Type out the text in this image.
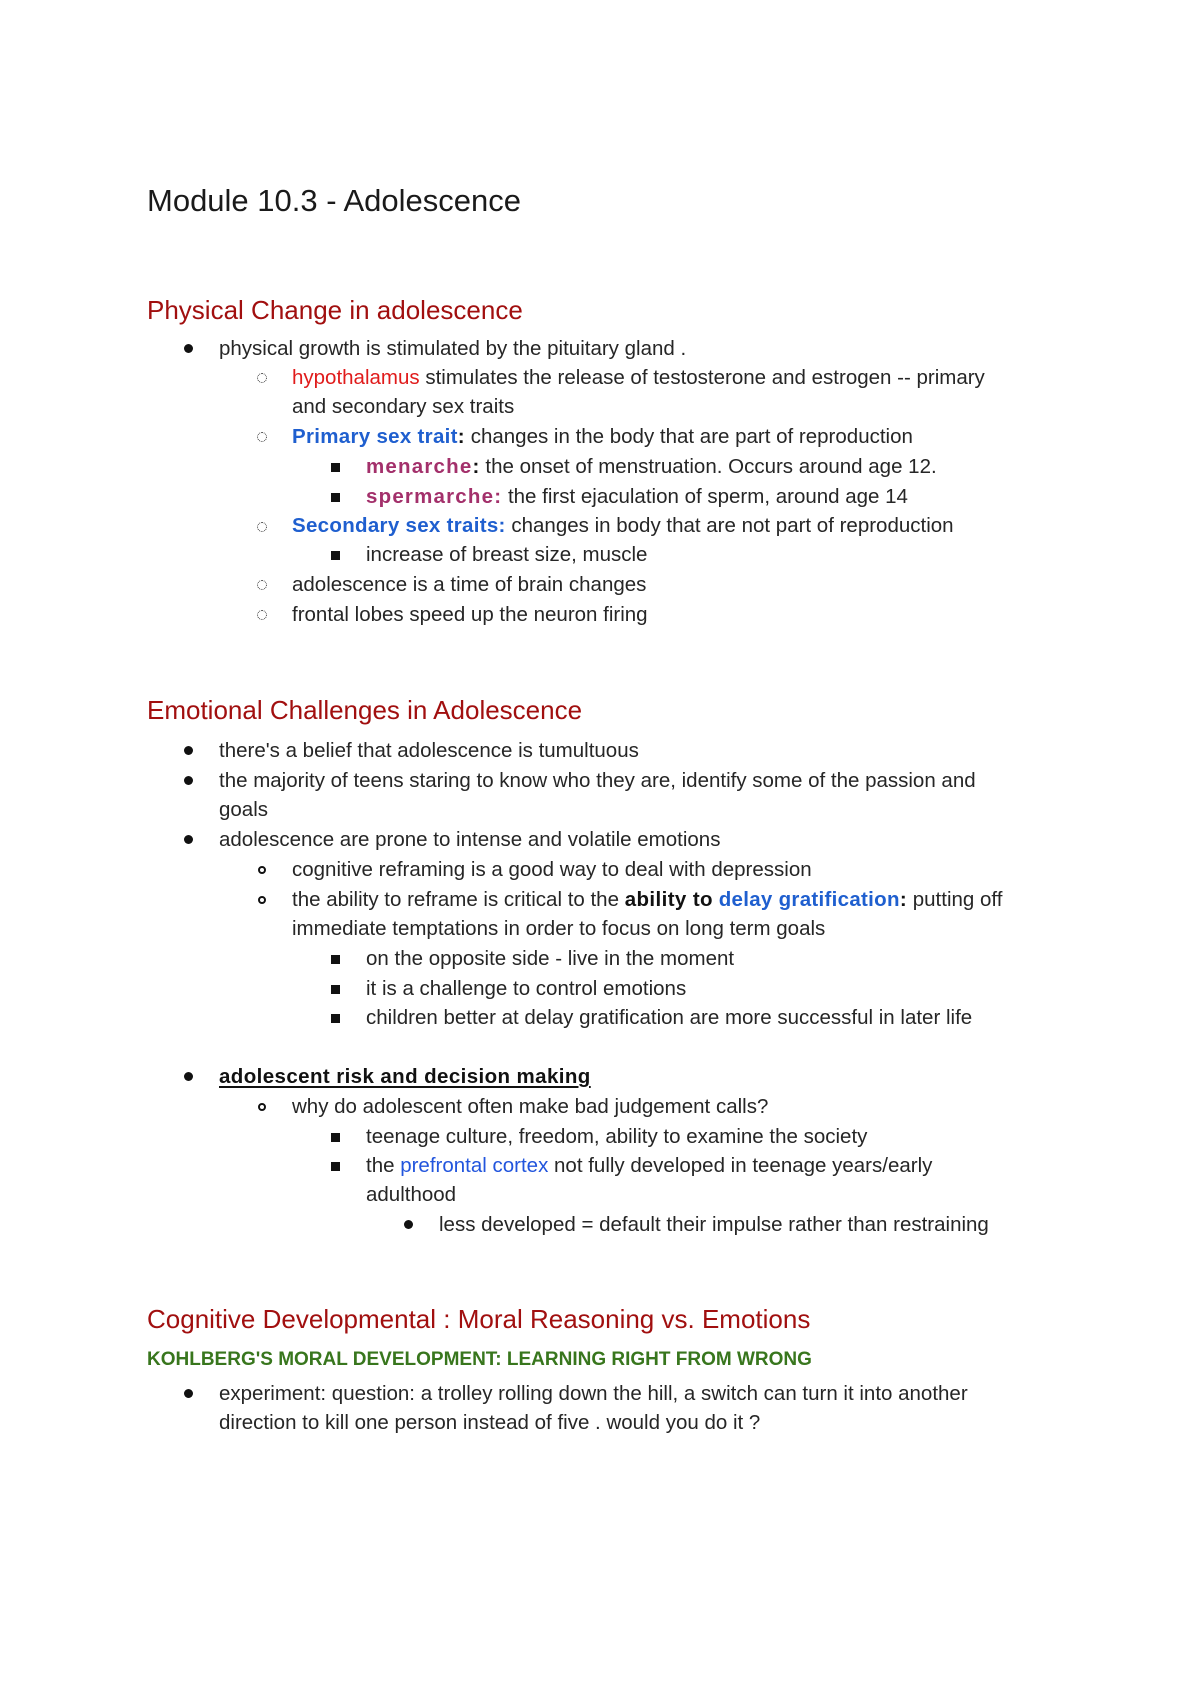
Module 10.3 - Adolescence
Physical Change in adolescence
physical growth is stimulated by the pituitary gland .
hypothalamus stimulates the release of testosterone and estrogen -- primary
and secondary sex traits
Primary sex trait: changes in the body that are part of reproduction
menarche: the onset of menstruation. Occurs around age 12.
spermarche: the first ejaculation of sperm, around age 14
Secondary sex traits: changes in body that are not part of reproduction
increase of breast size, muscle
adolescence is a time of brain changes
frontal lobes speed up the neuron firing
Emotional Challenges in Adolescence
there's a belief that adolescence is tumultuous
the majority of teens staring to know who they are, identify some of the passion and
goals
adolescence are prone to intense and volatile emotions
cognitive reframing is a good way to deal with depression
the ability to reframe is critical to the ability to delay gratification: putting off
immediate temptations in order to focus on long term goals
on the opposite side - live in the moment
it is a challenge to control emotions
children better at delay gratification are more successful in later life
adolescent risk and decision making
why do adolescent often make bad judgement calls?
teenage culture, freedom, ability to examine the society
the prefrontal cortex not fully developed in teenage years/early
adulthood
less developed = default their impulse rather than restraining
Cognitive Developmental : Moral Reasoning vs. Emotions
KOHLBERG'S MORAL DEVELOPMENT: LEARNING RIGHT FROM WRONG
experiment: question: a trolley rolling down the hill, a switch can turn it into another
direction to kill one person instead of five . would you do it ?
